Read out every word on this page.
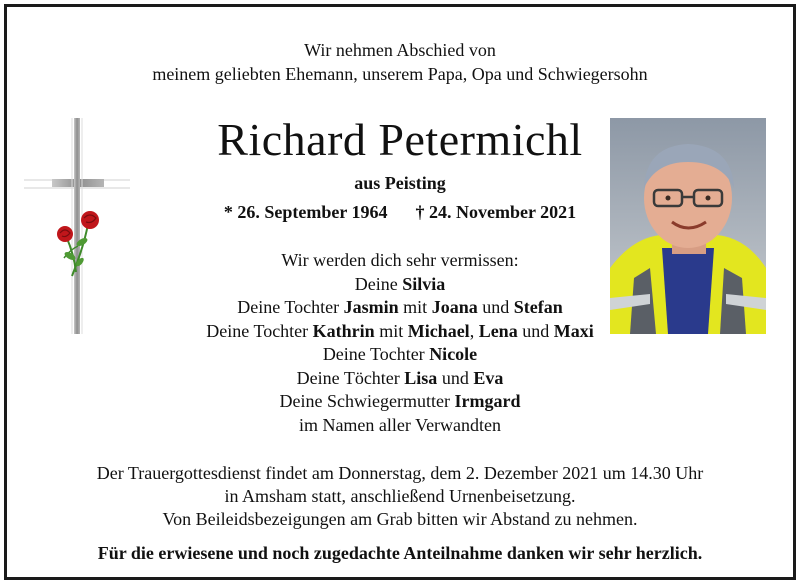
Wir nehmen Abschied von
meinem geliebten Ehemann, unserem Papa, Opa und Schwiegersohn
Richard Petermichl
aus Peisting
* 26. September 1964 † 24. November 2021
Wir werden dich sehr vermissen:
Deine Silvia
Deine Tochter Jasmin mit Joana und Stefan
Deine Tochter Kathrin mit Michael, Lena und Maxi
Deine Tochter Nicole
Deine Töchter Lisa und Eva
Deine Schwiegermutter Irmgard
im Namen aller Verwandten
Der Trauergottesdienst findet am Donnerstag, dem 2. Dezember 2021 um 14.30 Uhr
in Amsham statt, anschließend Urnenbeisetzung.
Von Beileidsbezeigungen am Grab bitten wir Abstand zu nehmen.
Für die erwiesene und noch zugedachte Anteilnahme danken wir sehr herzlich.
